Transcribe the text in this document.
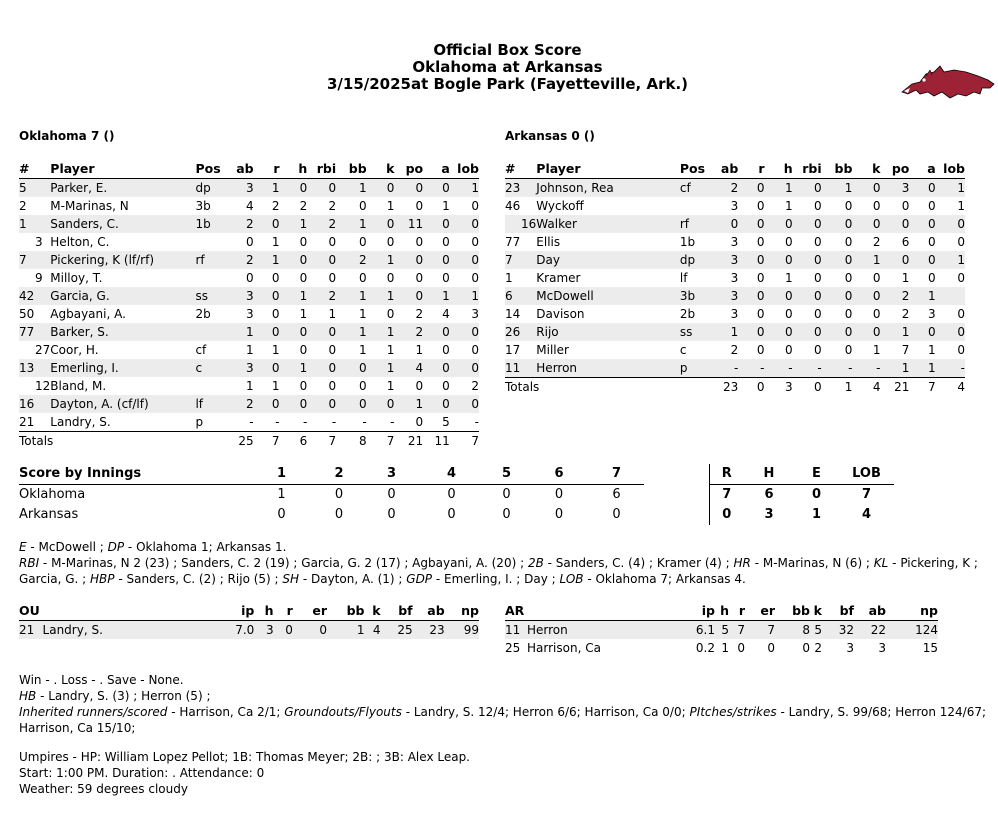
Official Box Score
Oklahoma at Arkansas
3/15/2025at Bogle Park (Fayetteville, Ark.)
Oklahoma 7 ()
#	Player	Pos	ab	r	h	rbi	bb	k	po	a	lob
5	Parker, E.	dp	3	1	0	0	1	0	0	0	1
2	M-Marinas, N	3b	4	2	2	2	0	1	0	1	0
1	Sanders, C.	1b	2	0	1	2	1	0	11	0	0
3	Helton, C.		0	1	0	0	0	0	0	0	0
7	Pickering, K (lf/rf)	rf	2	1	0	0	2	1	0	0	0
9	Milloy, T.		0	0	0	0	0	0	0	0	0
42	Garcia, G.	ss	3	0	1	2	1	1	0	1	1
50	Agbayani, A.	2b	3	0	1	1	1	0	2	4	3
77	Barker, S.		1	0	0	0	1	1	2	0	0
27	Coor, H.	cf	1	1	0	0	1	1	1	0	0
13	Emerling, I.	c	3	0	1	0	0	1	4	0	0
12	Bland, M.		1	1	0	0	0	1	0	0	2
16	Dayton, A. (cf/lf)	lf	2	0	0	0	0	0	1	0	0
21	Landry, S.	p	-	-	-	-	-	-	0	5	-
Totals			25	7	6	7	8	7	21	11	7
Arkansas 0 ()
#	Player	Pos	ab	r	h	rbi	bb	k	po	a	lob
23	Johnson, Rea	cf	2	0	1	0	1	0	3	0	1
46	Wyckoff		3	0	1	0	0	0	0	0	1
16	Walker	rf	0	0	0	0	0	0	0	0	0
77	Ellis	1b	3	0	0	0	0	2	6	0	0
7	Day	dp	3	0	0	0	0	1	0	0	1
1	Kramer	lf	3	0	1	0	0	0	1	0	0
6	McDowell	3b	3	0	0	0	0	0	2	1	
14	Davison	2b	3	0	0	0	0	0	2	3	0
26	Rijo	ss	1	0	0	0	0	0	1	0	0
17	Miller	c	2	0	0	0	0	1	7	1	0
11	Herron	p	-	-	-	-	-	-	1	1	-
Totals			23	0	3	0	1	4	21	7	4
Score by Innings	1	2	3	4	5	6	7		R	H	E	LOB
Oklahoma	1	0	0	0	0	0	6		7	6	0	7
Arkansas	0	0	0	0	0	0	0		0	3	1	4
E - McDowell ; DP - Oklahoma 1; Arkansas 1.
RBI - M-Marinas, N 2 (23) ; Sanders, C. 2 (19) ; Garcia, G. 2 (17) ; Agbayani, A. (20) ; 2B - Sanders, C. (4) ; Kramer (4) ; HR - M-Marinas, N (6) ; KL - Pickering, K ; Garcia, G. ; HBP - Sanders, C. (2) ; Rijo (5) ; SH - Dayton, A. (1) ; GDP - Emerling, I. ; Day ; LOB - Oklahoma 7; Arkansas 4.
OU		ip	h	r	er	bb	k	bf	ab	np
21	Landry, S.	7.0	3	0	0	1	4	25	23	99
AR		ip	h	r	er	bb	k	bf	ab	np
11	Herron	6.1	5	7	7	8	5	32	22	124
25	Harrison, Ca	0.2	1	0	0	0	2	3	3	15
Win - . Loss - . Save - None.
HB - Landry, S. (3) ; Herron (5) ;
Inherited runners/scored - Harrison, Ca 2/1; Groundouts/Flyouts - Landry, S. 12/4; Herron 6/6; Harrison, Ca 0/0; PItches/strikes - Landry, S. 99/68; Herron 124/67; Harrison, Ca 15/10;
Umpires - HP: William Lopez Pellot; 1B: Thomas Meyer; 2B: ; 3B: Alex Leap.
Start: 1:00 PM. Duration: . Attendance: 0
Weather: 59 degrees cloudy
